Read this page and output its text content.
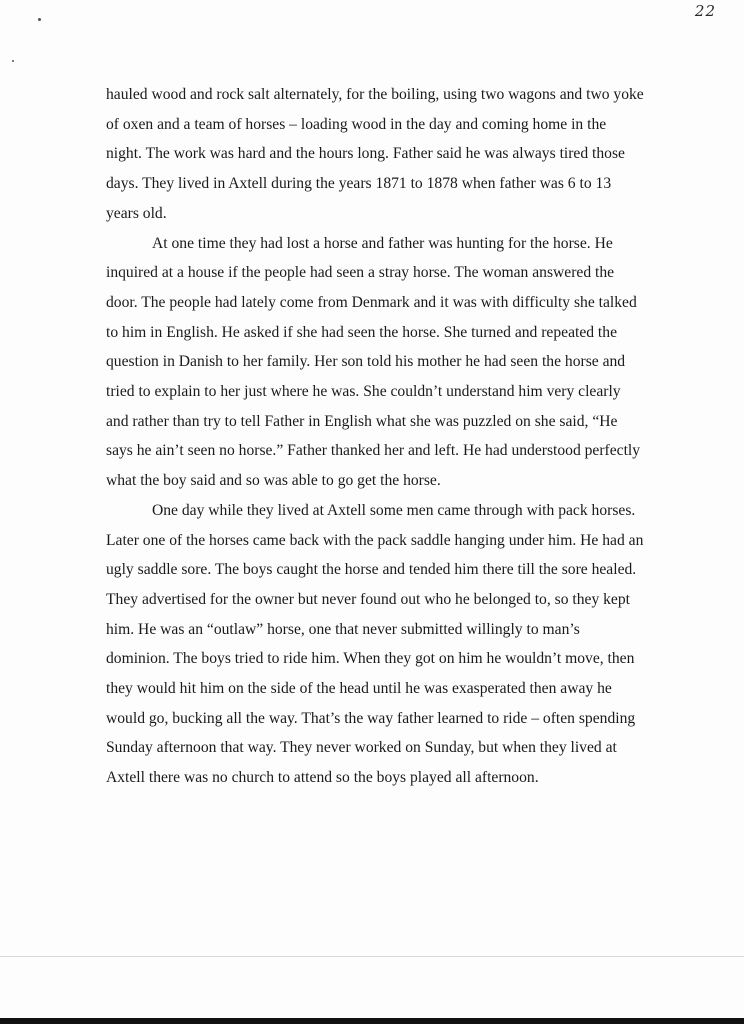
22

hauled wood and rock salt alternately, for the boiling, using two wagons and two yoke of oxen and a team of horses – loading wood in the day and coming home in the night. The work was hard and the hours long. Father said he was always tired those days. They lived in Axtell during the years 1871 to 1878 when father was 6 to 13 years old.

At one time they had lost a horse and father was hunting for the horse. He inquired at a house if the people had seen a stray horse. The woman answered the door. The people had lately come from Denmark and it was with difficulty she talked to him in English. He asked if she had seen the horse. She turned and repeated the question in Danish to her family. Her son told his mother he had seen the horse and tried to explain to her just where he was. She couldn’t understand him very clearly and rather than try to tell Father in English what she was puzzled on she said, “He says he ain’t seen no horse.” Father thanked her and left. He had understood perfectly what the boy said and so was able to go get the horse.

One day while they lived at Axtell some men came through with pack horses. Later one of the horses came back with the pack saddle hanging under him. He had an ugly saddle sore. The boys caught the horse and tended him there till the sore healed. They advertised for the owner but never found out who he belonged to, so they kept him. He was an “outlaw” horse, one that never submitted willingly to man’s dominion. The boys tried to ride him. When they got on him he wouldn’t move, then they would hit him on the side of the head until he was exasperated then away he would go, bucking all the way. That’s the way father learned to ride – often spending Sunday afternoon that way. They never worked on Sunday, but when they lived at Axtell there was no church to attend so the boys played all afternoon.
